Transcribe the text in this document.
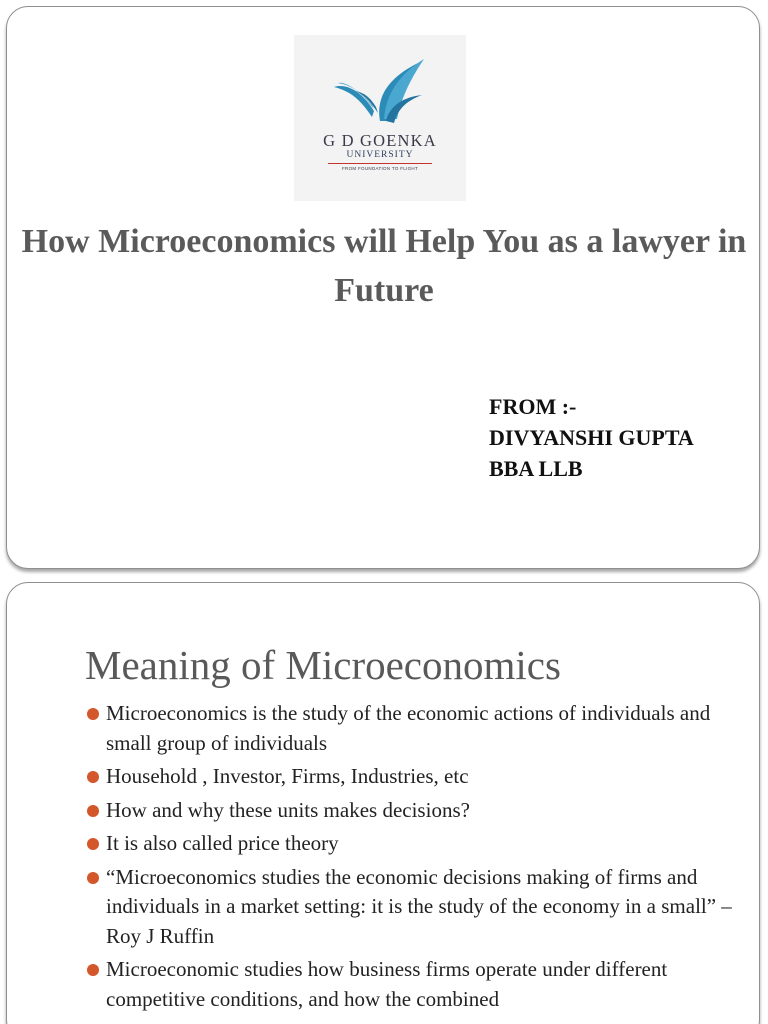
G D GOENKA
UNIVERSITY
FROM FOUNDATION TO FLIGHT
How Microeconomics will Help You as a lawyer in Future
FROM :-
DIVYANSHI GUPTA
BBA LLB
Meaning of Microeconomics
Microeconomics is the study of the economic actions of individuals and small group of individuals
Household , Investor, Firms, Industries, etc
How and why these units makes decisions?
It is also called price theory
“Microeconomics studies the economic decisions making of firms and individuals in a market setting: it is the study of the economy in a small” – Roy J Ruffin
Microeconomic studies how business firms operate under different competitive conditions, and how the combined
